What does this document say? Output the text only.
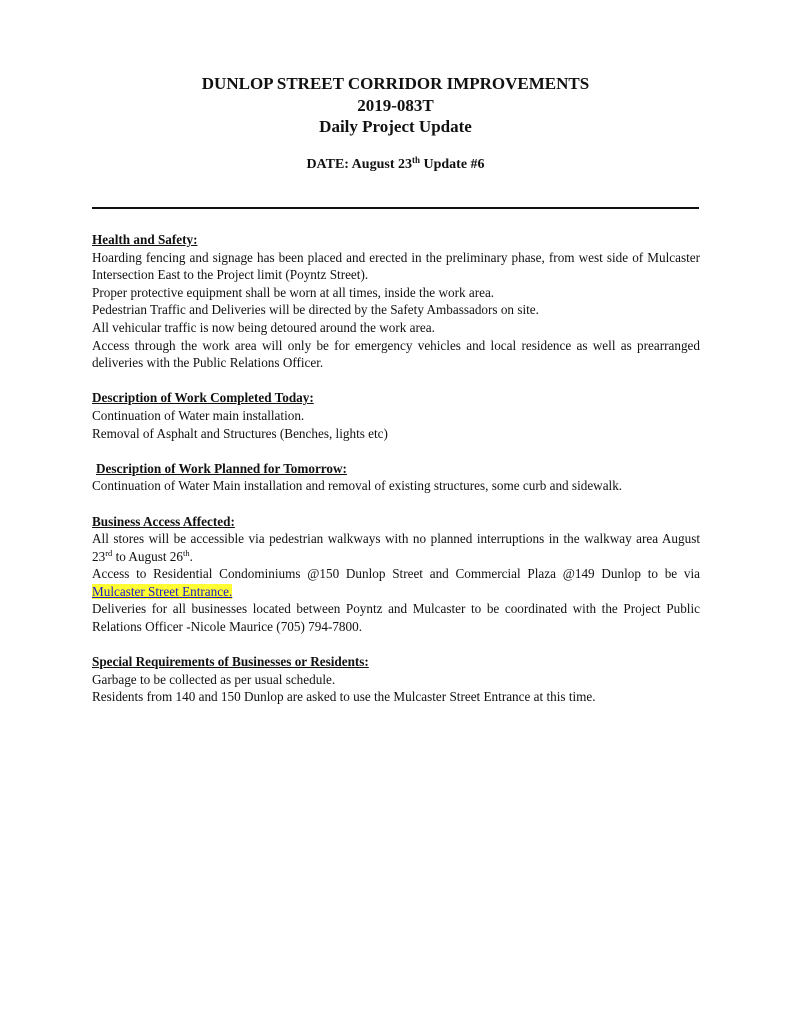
DUNLOP STREET CORRIDOR IMPROVEMENTS
2019-083T
Daily Project Update
DATE: August 23th Update #6
Health and Safety:
Hoarding fencing and signage has been placed and erected in the preliminary phase, from west side of Mulcaster Intersection East to the Project limit (Poyntz Street).
Proper protective equipment shall be worn at all times, inside the work area.
Pedestrian Traffic and Deliveries will be directed by the Safety Ambassadors on site.
All vehicular traffic is now being detoured around the work area.
Access through the work area will only be for emergency vehicles and local residence as well as prearranged deliveries with the Public Relations Officer.
Description of Work Completed Today:
Continuation of Water main installation.
Removal of Asphalt and Structures (Benches, lights etc)
Description of Work Planned for Tomorrow:
Continuation of Water Main installation and removal of existing structures, some curb and sidewalk.
Business Access Affected:
All stores will be accessible via pedestrian walkways with no planned interruptions in the walkway area August 23rd to August 26th.
Access to Residential Condominiums @150 Dunlop Street and Commercial Plaza @149 Dunlop to be via Mulcaster Street Entrance.
Deliveries for all businesses located between Poyntz and Mulcaster to be coordinated with the Project Public Relations Officer -Nicole Maurice (705) 794-7800.
Special Requirements of Businesses or Residents:
Garbage to be collected as per usual schedule.
Residents from 140 and 150 Dunlop are asked to use the Mulcaster Street Entrance at this time.
